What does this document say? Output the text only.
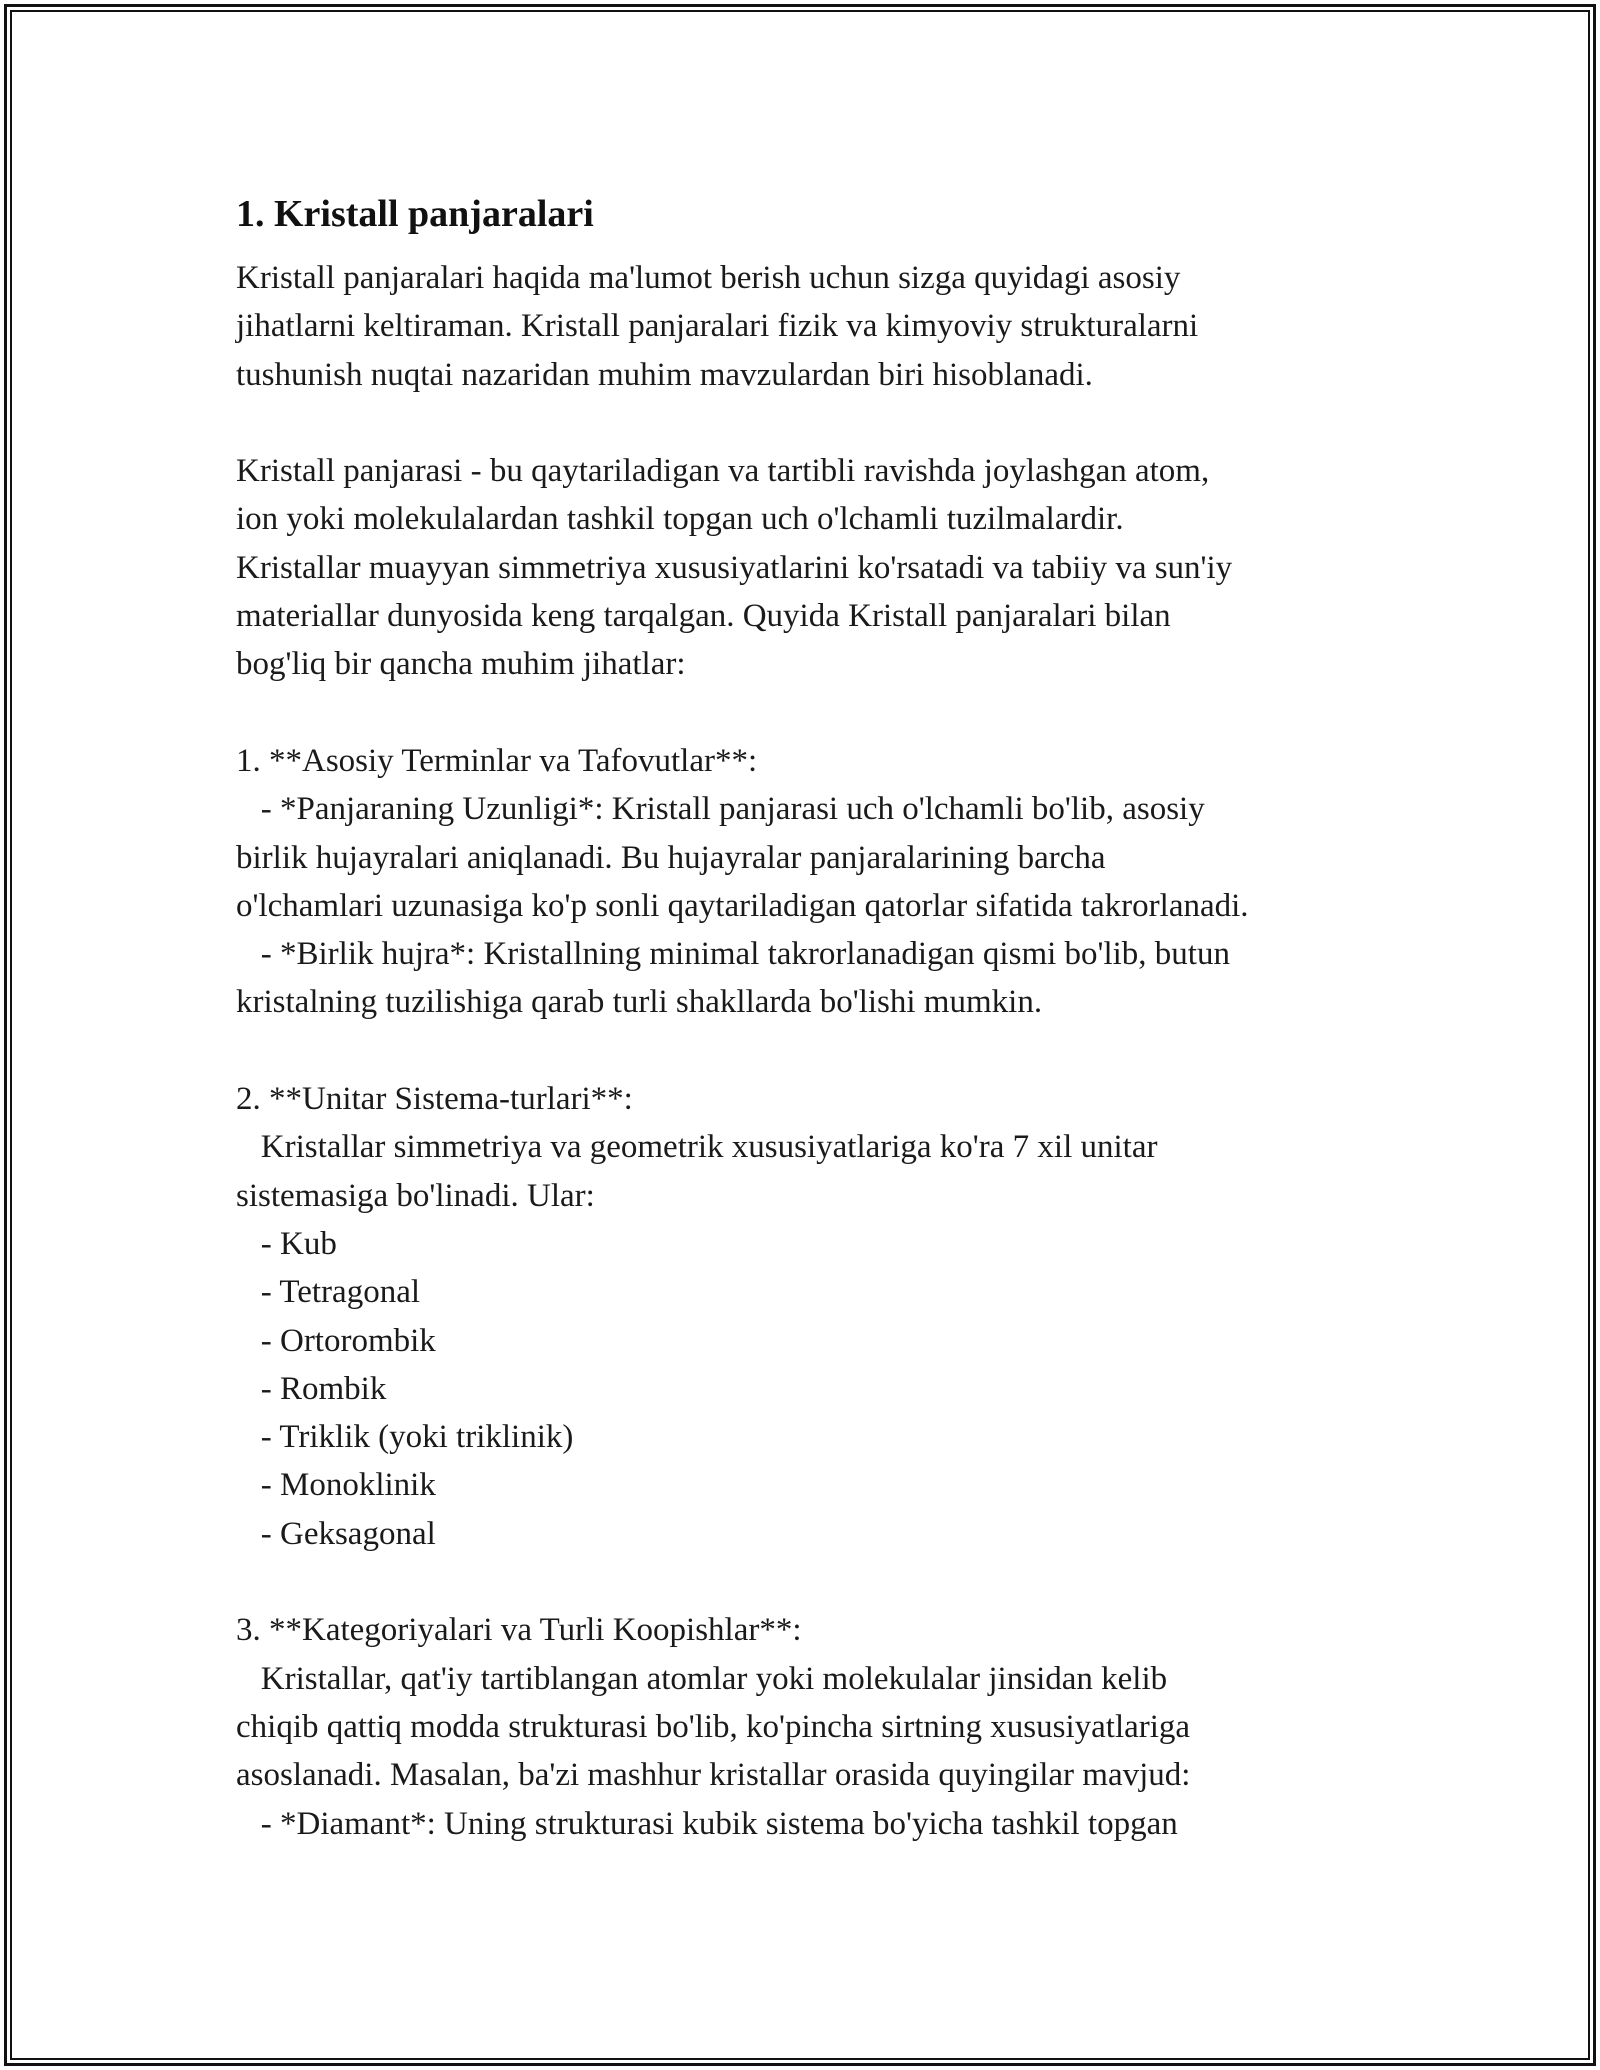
1. Kristall panjaralari
Kristall panjaralari haqida ma'lumot berish uchun sizga quyidagi asosiy
jihatlarni keltiraman. Kristall panjaralari fizik va kimyoviy strukturalarni
tushunish nuqtai nazaridan muhim mavzulardan biri hisoblanadi.
Kristall panjarasi - bu qaytariladigan va tartibli ravishda joylashgan atom,
ion yoki molekulalardan tashkil topgan uch o'lchamli tuzilmalardir.
Kristallar muayyan simmetriya xususiyatlarini ko'rsatadi va tabiiy va sun'iy
materiallar dunyosida keng tarqalgan. Quyida Kristall panjaralari bilan
bog'liq bir qancha muhim jihatlar:
1. **Asosiy Terminlar va Tafovutlar**:
- *Panjaraning Uzunligi*: Kristall panjarasi uch o'lchamli bo'lib, asosiy
birlik hujayralari aniqlanadi. Bu hujayralar panjaralarining barcha
o'lchamlari uzunasiga ko'p sonli qaytariladigan qatorlar sifatida takrorlanadi.
- *Birlik hujra*: Kristallning minimal takrorlanadigan qismi bo'lib, butun
kristalning tuzilishiga qarab turli shakllarda bo'lishi mumkin.
2. **Unitar Sistema-turlari**:
Kristallar simmetriya va geometrik xususiyatlariga ko'ra 7 xil unitar
sistemasiga bo'linadi. Ular:
- Kub
- Tetragonal
- Ortorombik
- Rombik
- Triklik (yoki triklinik)
- Monoklinik
- Geksagonal
3. **Kategoriyalari va Turli Koopishlar**:
Kristallar, qat'iy tartiblangan atomlar yoki molekulalar jinsidan kelib
chiqib qattiq modda strukturasi bo'lib, ko'pincha sirtning xususiyatlariga
asoslanadi. Masalan, ba'zi mashhur kristallar orasida quyingilar mavjud:
- *Diamant*: Uning strukturasi kubik sistema bo'yicha tashkil topgan
